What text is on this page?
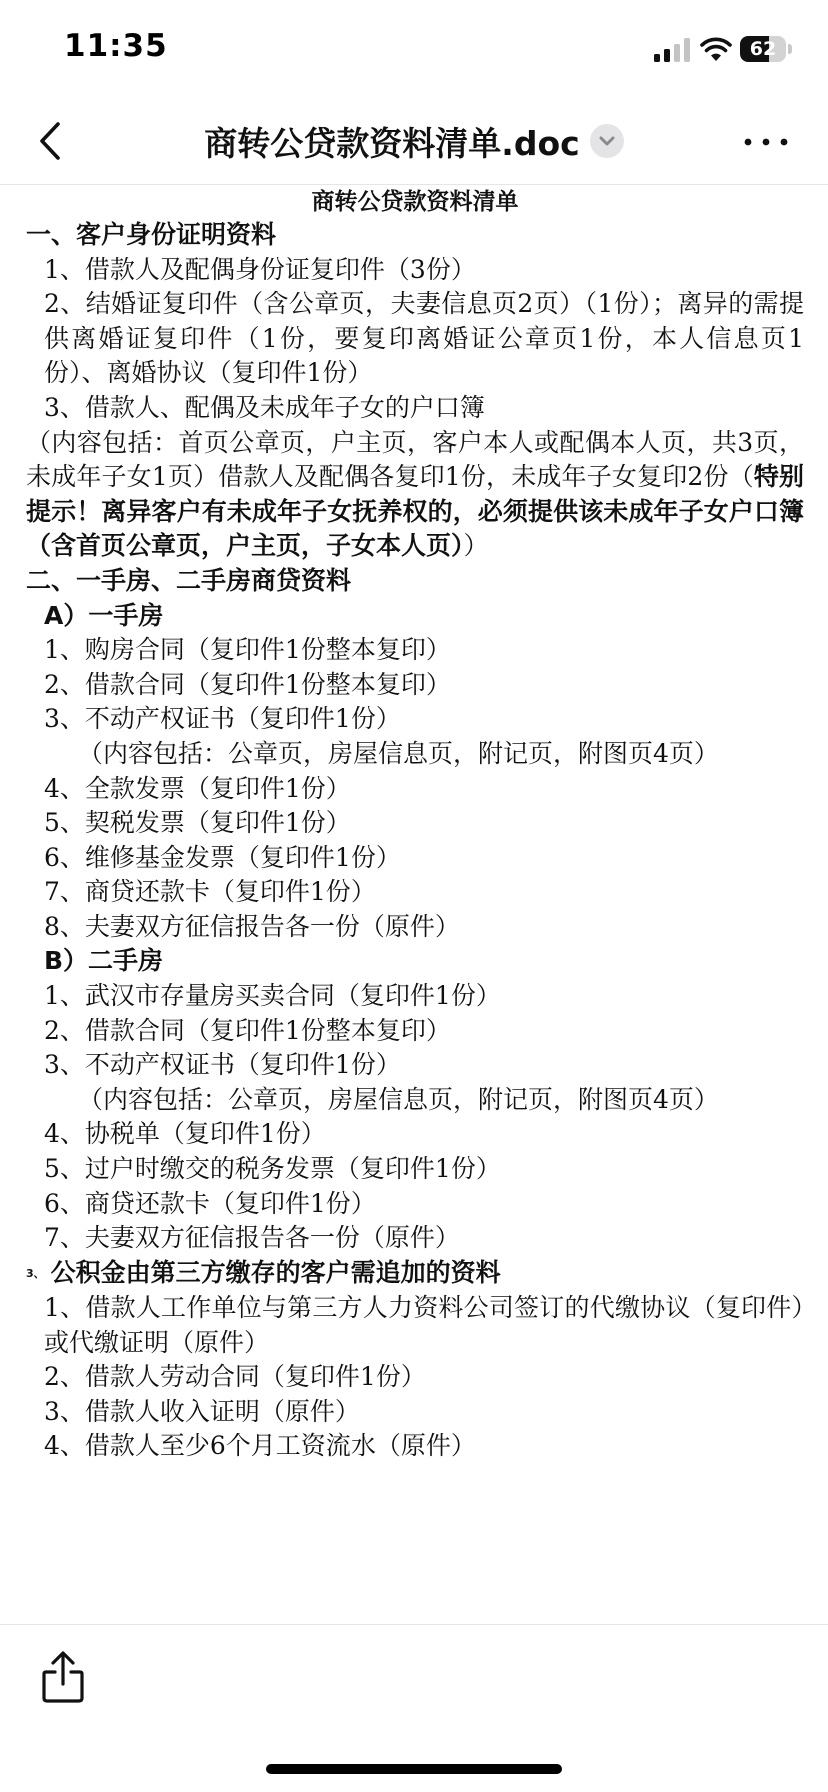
11:35	62
商转公贷款资料清单.doc

商转公贷款资料清单

一、客户身份证明资料

1、借款人及配偶身份证复印件（3份）

2、结婚证复印件（含公章页，夫妻信息页2页）（1份）；离异的需提供离婚证复印件（1份，要复印离婚证公章页1份，本人信息页1份）、离婚协议（复印件1份）

3、借款人、配偶及未成年子女的户口簿

（内容包括：首页公章页，户主页，客户本人或配偶本人页，共3页，未成年子女1页）借款人及配偶各复印1份，未成年子女复印2份（特别提示！离异客户有未成年子女抚养权的，必须提供该未成年子女户口簿（含首页公章页，户主页，子女本人页））

二、一手房、二手房商贷资料

A）一手房

1、购房合同（复印件1份整本复印）

2、借款合同（复印件1份整本复印）

3、不动产权证书（复印件1份）

（内容包括：公章页，房屋信息页，附记页，附图页4页）

4、全款发票（复印件1份）

5、契税发票（复印件1份）

6、维修基金发票（复印件1份）

7、商贷还款卡（复印件1份）

8、夫妻双方征信报告各一份（原件）

B）二手房

1、武汉市存量房买卖合同（复印件1份）

2、借款合同（复印件1份整本复印）

3、不动产权证书（复印件1份）

（内容包括：公章页，房屋信息页，附记页，附图页4页）

4、协税单（复印件1份）

5、过户时缴交的税务发票（复印件1份）

6、商贷还款卡（复印件1份）

7、夫妻双方征信报告各一份（原件）

3、 公积金由第三方缴存的客户需追加的资料

1、借款人工作单位与第三方人力资料公司签订的代缴协议（复印件）或代缴证明（原件）

2、借款人劳动合同（复印件1份）

3、借款人收入证明（原件）

4、借款人至少6个月工资流水（原件）
